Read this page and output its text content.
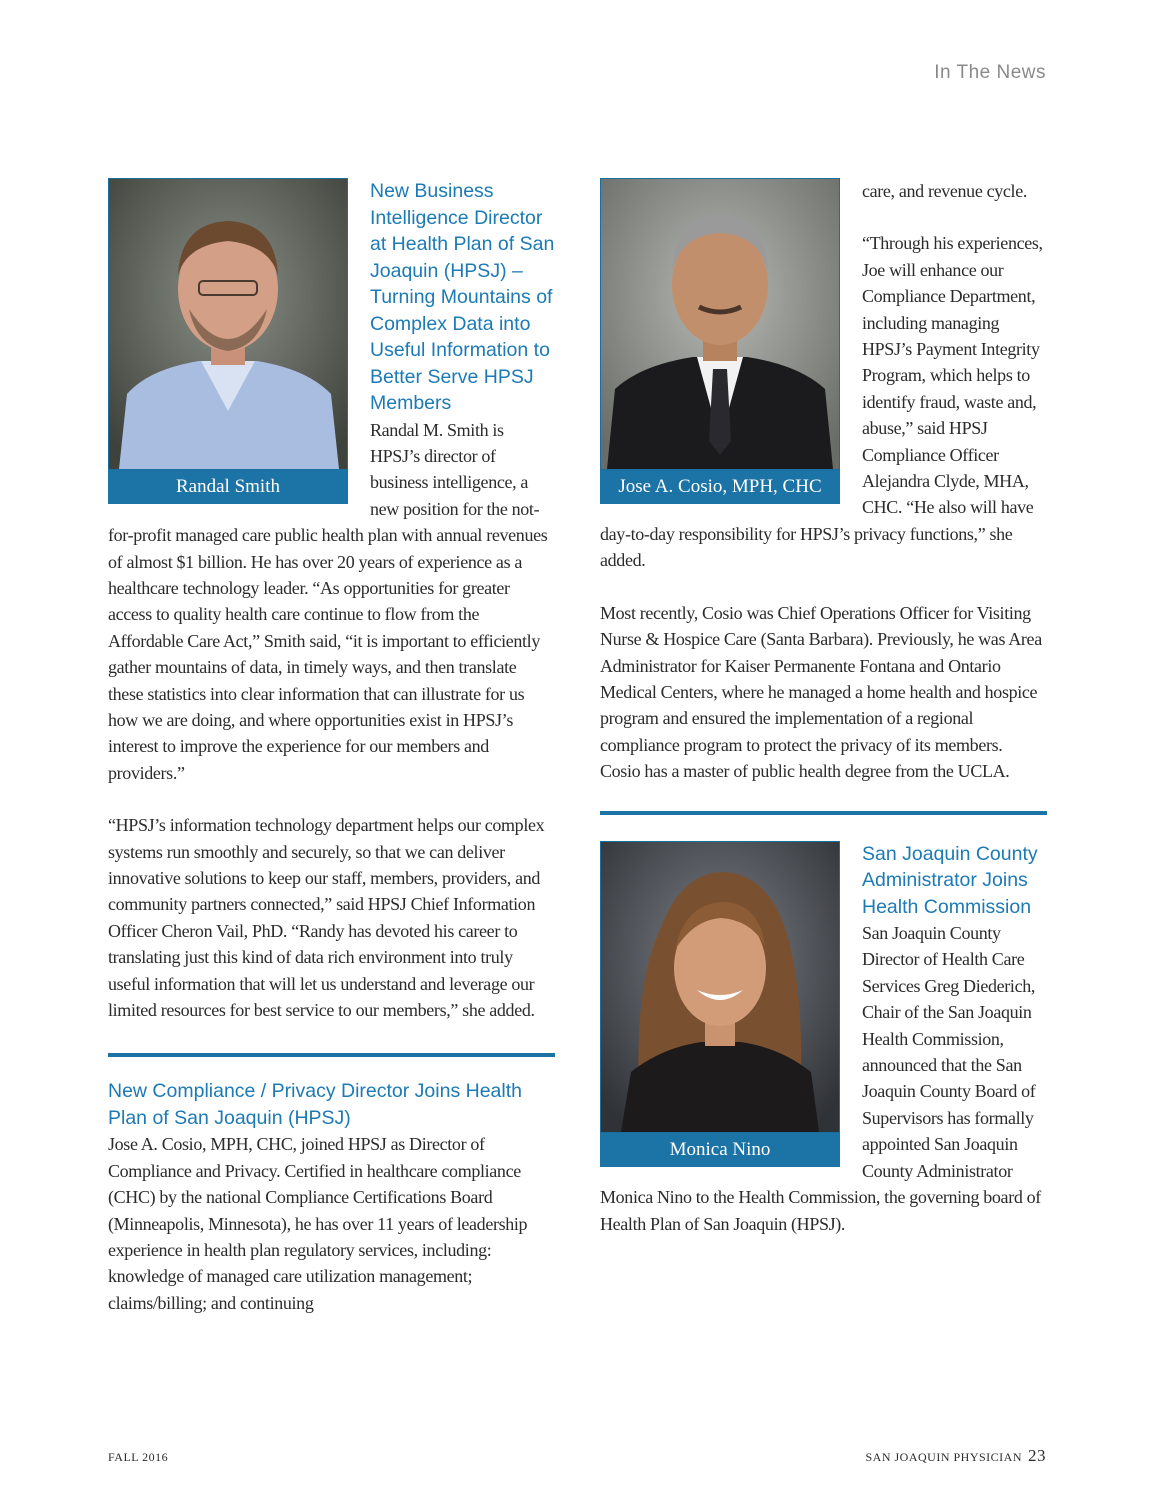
In The News
Randal Smith
New Business Intelligence Director at Health Plan of San Joaquin (HPSJ) – Turning Mountains of Complex Data into Useful Information to Better Serve HPSJ Members

Randal M. Smith is HPSJ’s director of business intelligence, a new position for the not-for-profit managed care public health plan with annual revenues of almost $1 billion. He has over 20 years of experience as a healthcare technology leader. “As opportunities for greater access to quality health care continue to flow from the Affordable Care Act,” Smith said, “it is important to efficiently gather mountains of data, in timely ways, and then translate these statistics into clear information that can illustrate for us how we are doing, and where opportunities exist in HPSJ’s interest to improve the experience for our members and providers.”

“HPSJ’s information technology department helps our complex systems run smoothly and securely, so that we can deliver innovative solutions to keep our staff, members, providers, and community partners connected,” said HPSJ Chief Information Officer Cheron Vail, PhD. “Randy has devoted his career to translating just this kind of data rich environment into truly useful information that will let us understand and leverage our limited resources for best service to our members,” she added.

New Compliance / Privacy Director Joins Health Plan of San Joaquin (HPSJ)

Jose A. Cosio, MPH, CHC, joined HPSJ as Director of Compliance and Privacy. Certified in healthcare compliance (CHC) by the national Compliance Certifications Board (Minneapolis, Minnesota), he has over 11 years of leadership experience in health plan regulatory services, including: knowledge of managed care utilization management; claims/billing; and continuing

Jose A. Cosio, MPH, CHC

care, and revenue cycle.

“Through his experiences, Joe will enhance our Compliance Department, including managing HPSJ’s Payment Integrity Program, which helps to identify fraud, waste and, abuse,” said HPSJ Compliance Officer Alejandra Clyde, MHA, CHC. “He also will have day-to-day responsibility for HPSJ’s privacy functions,” she added.

Most recently, Cosio was Chief Operations Officer for Visiting Nurse & Hospice Care (Santa Barbara). Previously, he was Area Administrator for Kaiser Permanente Fontana and Ontario Medical Centers, where he managed a home health and hospice program and ensured the implementation of a regional compliance program to protect the privacy of its members.

Cosio has a master of public health degree from the UCLA.

Monica Nino
San Joaquin County Administrator Joins Health Commission

San Joaquin County Director of Health Care Services Greg Diederich, Chair of the San Joaquin Health Commission, announced that the San Joaquin County Board of Supervisors has formally appointed San Joaquin County Administrator Monica Nino to the Health Commission, the governing board of Health Plan of San Joaquin (HPSJ).

FALL 2016	SAN JOAQUIN PHYSICIAN 23
